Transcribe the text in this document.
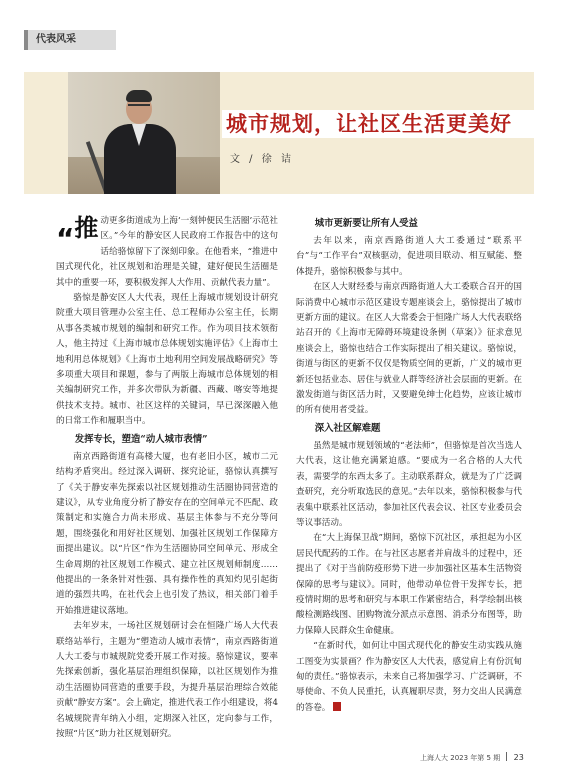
代表风采
城市规划，让社区生活更美好
文 / 徐 诘

“推 动更多街道成为上海‘一刻钟便民生活圈’示范社区。”今年的静安区人民政府工作报告中的这句话给骆惊留下了深刻印象。在他看来，“推进中国式现代化，社区规划和治理是关键，建好便民生活圈是其中的重要一环，要积极发挥人大作用、贡献代表力量”。

骆惊是静安区人大代表，现任上海城市规划设计研究院重大项目管理办公室主任、总工程师办公室主任，长期从事各类城市规划的编制和研究工作。作为项目技术领衔人，他主持过《上海市城市总体规划实施评估》《上海市土地利用总体规划》《上海市土地利用空间发展战略研究》等多项重大项目和课题，参与了两版上海城市总体规划的相关编制研究工作，并多次带队为新疆、西藏、喀安等地提供技术支持。城市、社区这样的关键词，早已深深融入他的日常工作和履职当中。

发挥专长，塑造“动人城市表情”

南京西路街道有高楼大厦，也有老旧小区，城市二元结构矛盾突出。经过深入调研、探究论证，骆惊认真撰写了《关于静安率先探索以社区规划推动生活圈协同营造的建议》，从专业角度分析了静安存在的空间单元不匹配、政策制定和实施合力尚未形成、基层主体参与不充分等问题，围绕强化和用好社区规划、加强社区规划工作保障方面提出建议。以“片区”作为生活圈协同空间单元、形成全生命周期的社区规划工作模式、建立社区规划师制度……他提出的一条条针对性强、具有操作性的真知灼见引起街道的强烈共鸣，在社代会上也引发了热议，相关部门着手开始推进建议落地。

去年岁末，一场社区规划研讨会在恒隆广场人大代表联络站举行，主题为“塑造动人城市表情”，南京西路街道人大工委与市城规院党委开展工作对接。骆惊建议，要率先探索创新，强化基层治理组织保障，以社区规划作为推动生活圈协同营造的重要手段，为提升基层治理综合效能贡献“静安方案”。会上确定，推进代表工作小组建设，将4名城规院青年纳入小组，定期深入社区，定向参与工作，按照“片区”助力社区规划研究。

城市更新要让所有人受益

去年以来，南京西路街道人大工委通过“联系平台”与“工作平台”双核驱动，促进项目联动、相互赋能、整体提升，骆惊积极参与其中。

在区人大财经委与南京西路街道人大工委联合召开的国际消费中心城市示范区建设专题座谈会上，骆惊提出了城市更新方面的建议。在区人大常委会于恒隆广场人大代表联络站召开的《上海市无障碍环境建设条例（草案）》征求意见座谈会上，骆惊也结合工作实际提出了相关建议。骆惊说，街道与街区的更新不仅仅是物质空间的更新，广义的城市更新还包括业态、居住与就业人群等经济社会层面的更新。在激发街道与街区活力时，又要避免绅士化趋势，应该让城市的所有使用者受益。

深入社区解难题

虽然是城市规划领域的“老法师”，但骆惊是首次当选人大代表，这让他充满紧迫感。“要成为一名合格的人大代表，需要学的东西太多了。主动联系群众，就是为了广泛调查研究，充分听取选民的意见。”去年以来，骆惊积极参与代表集中联系社区活动，参加社区代表会议、社区专业委员会等议事活动。

在“大上海保卫战”期间，骆惊下沉社区，承担起为小区居民代配药的工作。在与社区志愿者并肩战斗的过程中，还提出了《对于当前防疫形势下进一步加强社区基本生活物资保障的思考与建议》。同时，他带动单位骨干发挥专长，把疫情时期的思考和研究与本职工作紧密结合，科学绘制出核酸检测路线图、团购物流分派点示意图、消杀分布图等，助力保障人民群众生命健康。

“在新时代，如何让中国式现代化的静安生动实践从施工图变为实景画？作为静安区人大代表，感觉肩上有份沉甸甸的责任。”骆惊表示，未来自己将加强学习、广泛调研，不辱使命、不负人民重托，认真履职尽责，努力交出人民满意的答卷。

上海人大 2023 年第 5 期 23
